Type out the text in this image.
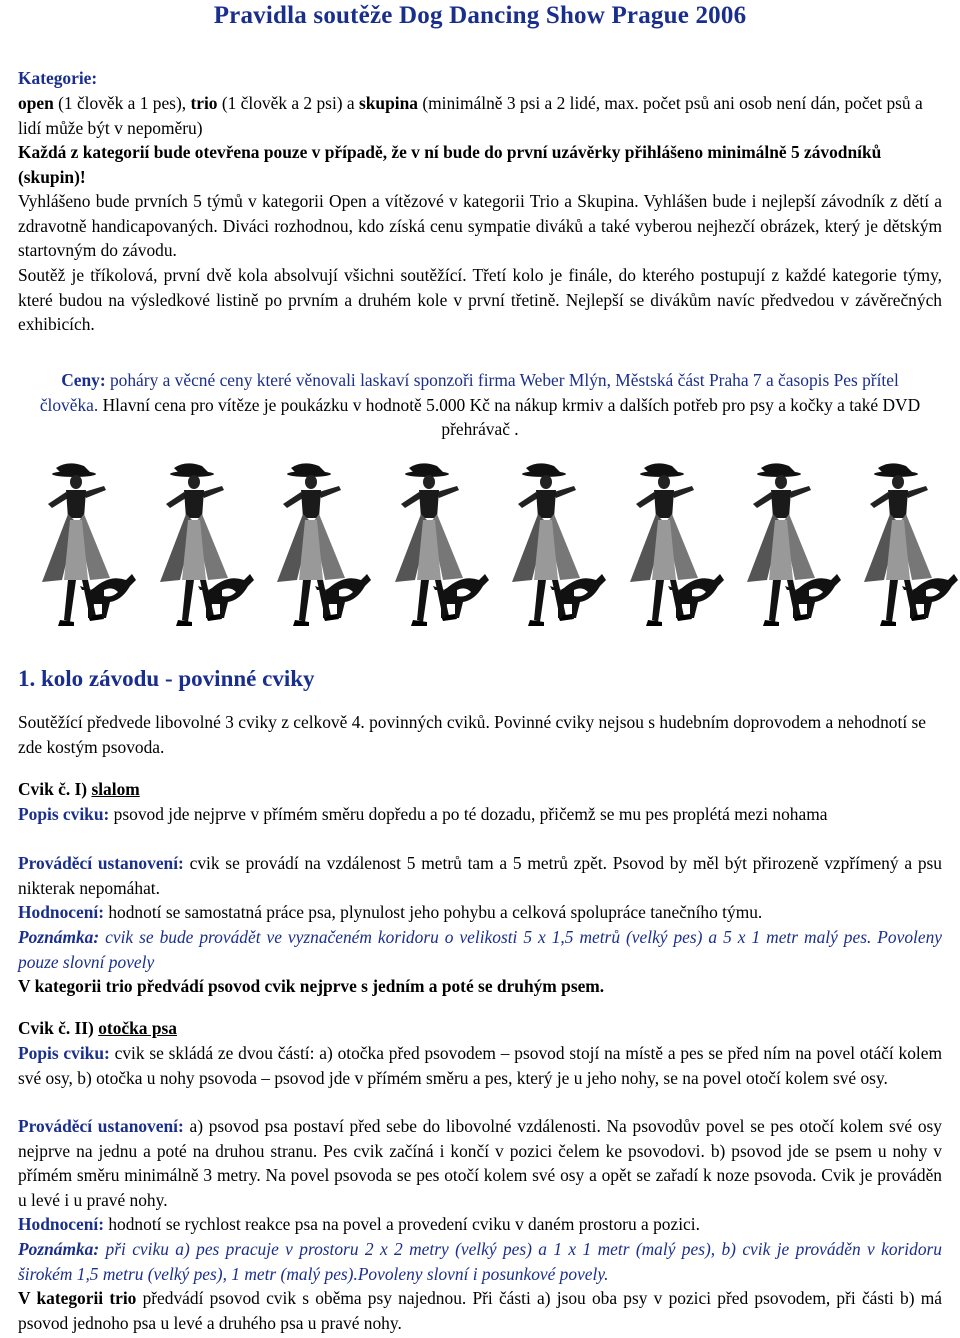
Pravidla soutěže Dog Dancing Show Prague 2006
Kategorie:
open (1 člověk a 1 pes), trio (1 člověk a 2 psi) a skupina (minimálně 3 psi a 2 lidé, max. počet psů ani osob není dán, počet psů a lidí může být v nepoměru)
Každá z kategorií bude otevřena pouze v případě, že v ní bude do první uzávěrky přihlášeno minimálně 5 závodníků (skupin)!
Vyhlášeno bude prvních 5 týmů v kategorii Open a vítězové v kategorii Trio a Skupina. Vyhlášen bude i nejlepší závodník z dětí a zdravotně handicapovaných. Diváci rozhodnou, kdo získá cenu sympatie diváků a také vyberou nejhezčí obrázek, který je dětským startovným do závodu.
Soutěž je tříkolová, první dvě kola absolvují všichni soutěžící. Třetí kolo je finále, do kterého postupují z každé kategorie týmy, které budou na výsledkové listině po prvním a druhém kole v první třetině. Nejlepší se divákům navíc předvedou v závěrečných exhibicích.
Ceny: poháry a věcné ceny které věnovali laskaví sponzoři firma Weber Mlýn, Městská část Praha 7 a časopis Pes přítel člověka. Hlavní cena pro vítěze je poukázku v hodnotě 5.000 Kč na nákup krmiv a dalších potřeb pro psy a kočky a také DVD přehrávač .
1. kolo závodu - povinné cviky
Soutěžící předvede libovolné 3 cviky z celkově 4. povinných cviků. Povinné cviky nejsou s hudebním doprovodem a nehodnotí se zde kostým psovoda.
Cvik č. I) slalom
Popis cviku: psovod jde nejprve v přímém směru dopředu a po té dozadu, přičemž se mu pes proplétá mezi nohama
Prováděcí ustanovení: cvik se provádí na vzdálenost 5 metrů tam a 5 metrů zpět. Psovod by měl být přirozeně vzpřímený a psu nikterak nepomáhat.
Hodnocení: hodnotí se samostatná práce psa, plynulost jeho pohybu a celková spolupráce tanečního týmu.
Poznámka: cvik se bude provádět ve vyznačeném koridoru o velikosti 5 x 1,5 metrů (velký pes) a 5 x 1 metr malý pes. Povoleny pouze slovní povely
V kategorii trio předvádí psovod cvik nejprve s jedním a poté se druhým psem.
Cvik č. II) otočka psa
Popis cviku: cvik se skládá ze dvou částí: a) otočka před psovodem – psovod stojí na místě a pes se před ním na povel otáčí kolem své osy, b) otočka u nohy psovoda – psovod jde v přímém směru a pes, který je u jeho nohy, se na povel otočí kolem své osy.
Prováděcí ustanovení: a) psovod psa postaví před sebe do libovolné vzdálenosti. Na psovodův povel se pes otočí kolem své osy nejprve na jednu a poté na druhou stranu. Pes cvik začíná i končí v pozici čelem ke psovodovi. b) psovod jde se psem u nohy v přímém směru minimálně 3 metry. Na povel psovoda se pes otočí kolem své osy a opět se zařadí k noze psovoda. Cvik je prováděn u levé i u pravé nohy.
Hodnocení: hodnotí se rychlost reakce psa na povel a provedení cviku v daném prostoru a pozici.
Poznámka: při cviku a) pes pracuje v prostoru 2 x 2 metry (velký pes) a 1 x 1 metr (malý pes), b) cvik je prováděn v koridoru širokém 1,5 metru (velký pes), 1 metr (malý pes).Povoleny slovní i posunkové povely.
V kategorii trio předvádí psovod cvik s oběma psy najednou. Při části a) jsou oba psy v pozici před psovodem, při části b) má psovod jednoho psa u levé a druhého psa u pravé nohy.
